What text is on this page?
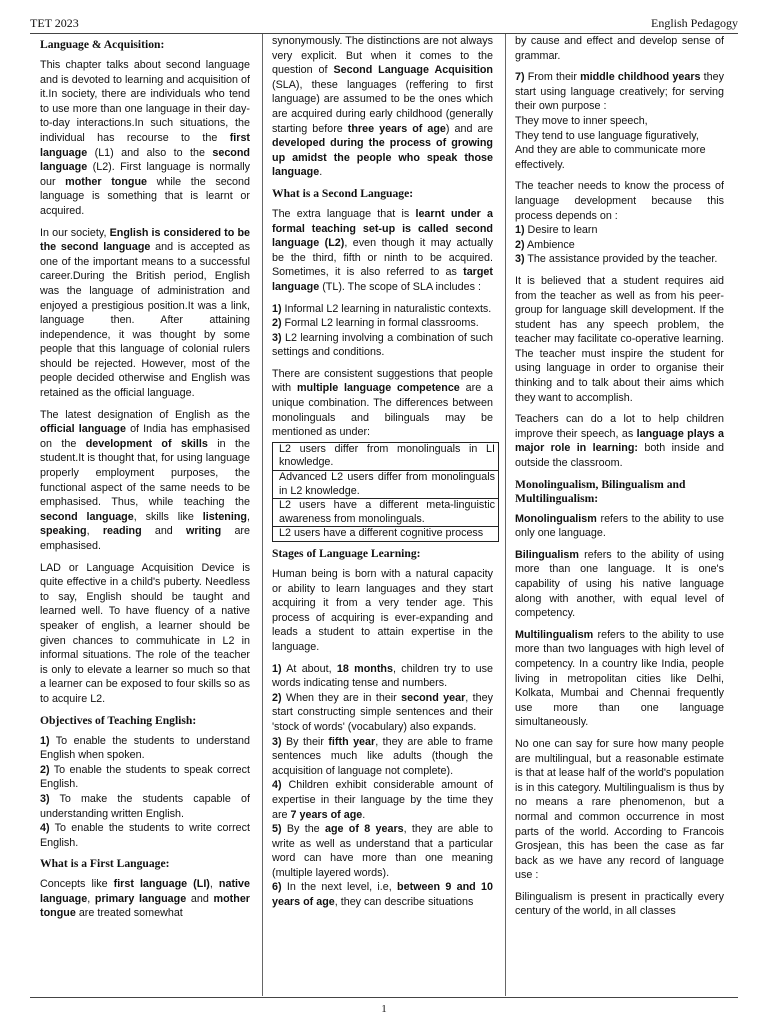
TET 2023	English Pedagogy
Language & Acquisition:

This chapter talks about second language and is devoted to learning and acquisition of it.In society, there are individuals who tend to use more than one language in their day-to-day interactions.In such situations, the individual has recourse to the first language (L1) and also to the second language (L2). First language is normally our mother tongue while the second language is something that is learnt or acquired.

In our society, English is considered to be the second language and is accepted as one of the important means to a successful career.During the British period, English was the language of administration and enjoyed a prestigious position.It was a link, language then. After attaining independence, it was thought by some people that this language of colonial rulers should be rejected. However, most of the people decided otherwise and English was retained as the official language.

The latest designation of English as the official language of India has emphasised on the development of skills in the student.It is thought that, for using language properly employment purposes, the functional aspect of the same needs to be emphasised. Thus, while teaching the second language, skills like listening, speaking, reading and writing are emphasised.

LAD or Language Acquisition Device is quite effective in a child's puberty. Needless to say, English should be taught and learned well. To have fluency of a native speaker of english, a learner should be given chances to commuhicate in L2 in informal situations. The role of the teacher is only to elevate a learner so much so that a learner can be exposed to four skills so as to acquire L2.

Objectives of Teaching English:
1) To enable the students to understand English when spoken.
2) To enable the students to speak correct English.
3) To make the students capable of understanding written English.
4) To enable the students to write correct English.
What is a First Language:

Concepts like first language (LI), native language, primary language and mother tongue are treated somewhat

synonymously. The distinctions are not always very explicit. But when it comes to the question of Second Language Acquisition (SLA), these languages (reffering to first language) are assumed to be the ones which are acquired during early childhood (generally starting before three years of age) and are developed during the process of growing up amidst the people who speak those language.

What is a Second Language:

The extra language that is learnt under a formal teaching set-up is called second language (L2), even though it may actually be the third, fifth or ninth to be acquired. Sometimes, it is also referred to as target language (TL). The scope of SLA includes :

1) Informal L2 learning in naturalistic contexts.
2) Formal L2 learning in formal classrooms.
3) L2 learning involving a combination of such settings and conditions.

There are consistent suggestions that people with multiple language competence are a unique combination. The differences between monolinguals and bilinguals may be mentioned as under:

L2 users differ from monolinguals in LI knowledge.
Advanced L2 users differ from monolinguals in L2 knowledge.
L2 users have a different meta-linguistic awareness from monolinguals.
L2 users have a different cognitive process
Stages of Language Learning:

Human being is born with a natural capacity or ability to learn languages and they start acquiring it from a very tender age. This process of acquiring is ever-expanding and leads a student to attain expertise in the language.

1) At about, 18 months, children try to use words indicating tense and numbers.
2) When they are in their second year, they start constructing simple sentences and their 'stock of words' (vocabulary) also expands.
3) By their fifth year, they are able to frame sentences much like adults (though the acquisition of language not complete).
4) Children exhibit considerable amount of expertise in their language by the time they are 7 years of age.
5) By the age of 8 years, they are able to write as well as understand that a particular word can have more than one meaning (multiple layered words).
6) In the next level, i.e, between 9 and 10 years of age, they can describe situations

by cause and effect and develop sense of grammar.

7) From their middle childhood years they start using language creatively; for serving their own purpose :

They move to inner speech,
They tend to use language figuratively,
And they are able to communicate more effectively.

The teacher needs to know the process of language development because this process depends on :

1) Desire to learn
2) Ambience
3) The assistance provided by the teacher.

It is believed that a student requires aid from the teacher as well as from his peer-group for language skill development. If the student has any speech problem, the teacher may facilitate co-operative learning. The teacher must inspire the student for using language in order to organise their thinking and to talk about their aims which they want to accomplish.

Teachers can do a lot to help children improve their speech, as language plays a major role in learning: both inside and outside the classroom.

Monolingualism, Bilingualism and Multilingualism:

Monolingualism refers to the ability to use only one language.

Bilingualism refers to the ability of using more than one language. It is one's capability of using his native language along with another, with equal level of competency.

Multilingualism refers to the ability to use more than two languages with high level of competency. In a country like India, people living in metropolitan cities like Delhi, Kolkata, Mumbai and Chennai frequently use more than one language simultaneously.

No one can say for sure how many people are multilingual, but a reasonable estimate is that at lease half of the world's population is in this category. Multilingualism is thus by no means a rare phenomenon, but a normal and common occurrence in most parts of the world. According to Francois Grosjean, this has been the case as far back as we have any record of language use :

Bilingualism is present in practically every century of the world, in all classes

1
